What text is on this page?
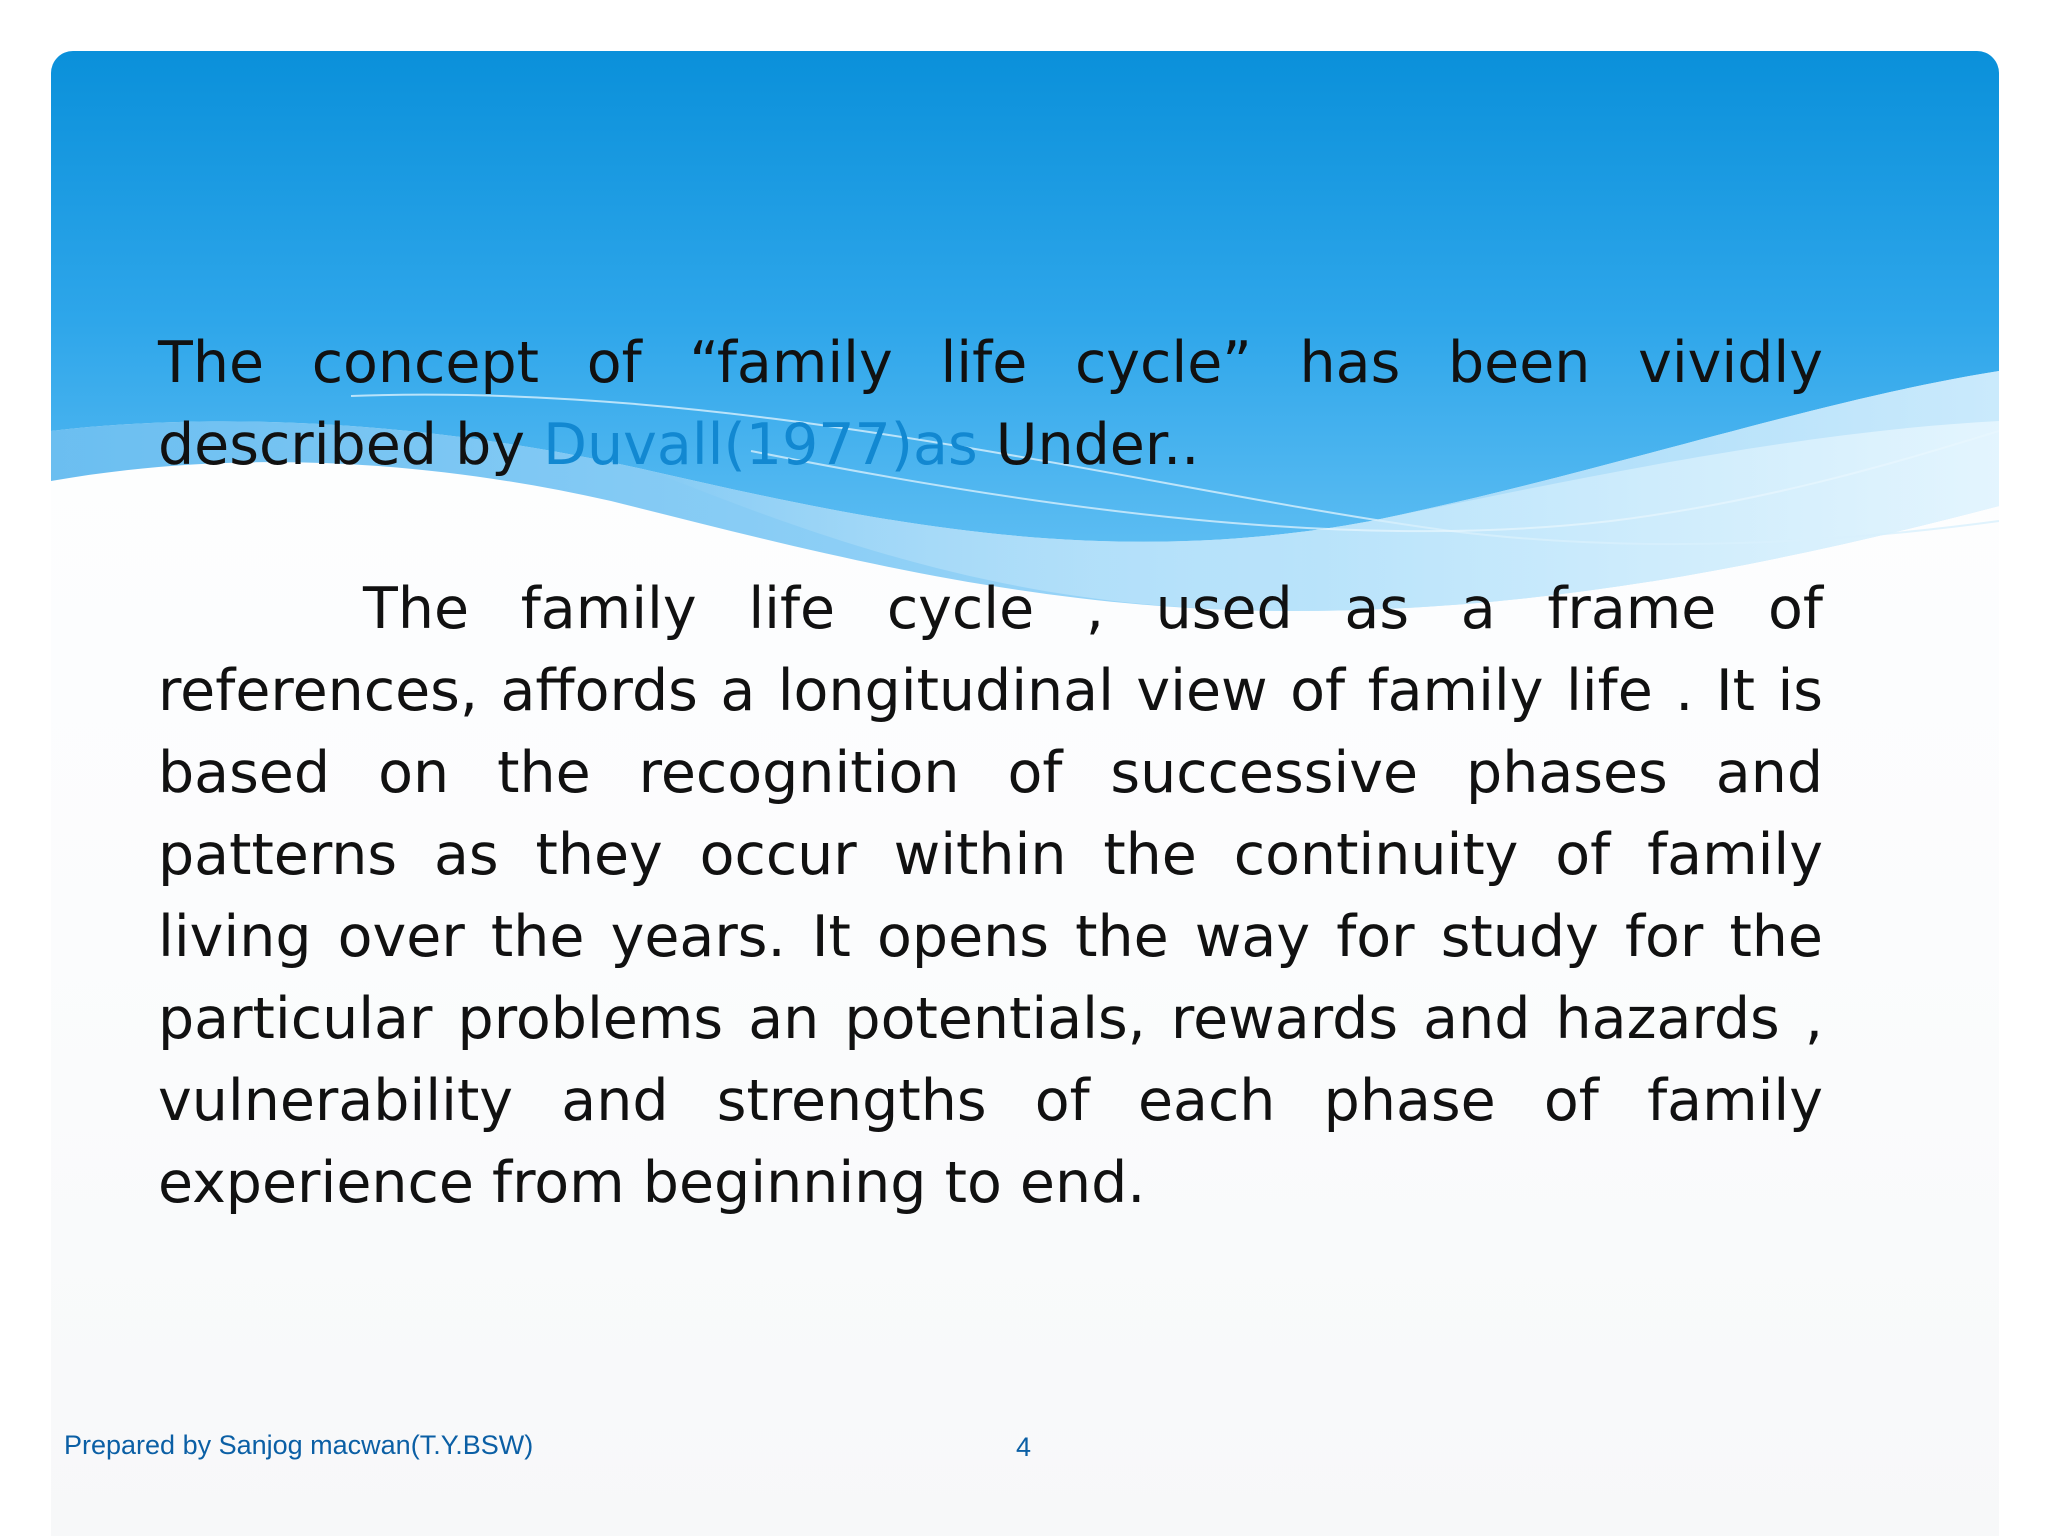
The concept of “family life cycle” has been vividly described by Duvall(1977)as Under..

The family life cycle , used as a frame of references, affords a longitudinal view of family life . It is based on the recognition of successive phases and patterns as they occur within the continuity of family living over the years. It opens the way for study for the particular problems an potentials, rewards and hazards , vulnerability and strengths of each phase of family experience from beginning to end.

Prepared by Sanjog macwan(T.Y.BSW)	4
